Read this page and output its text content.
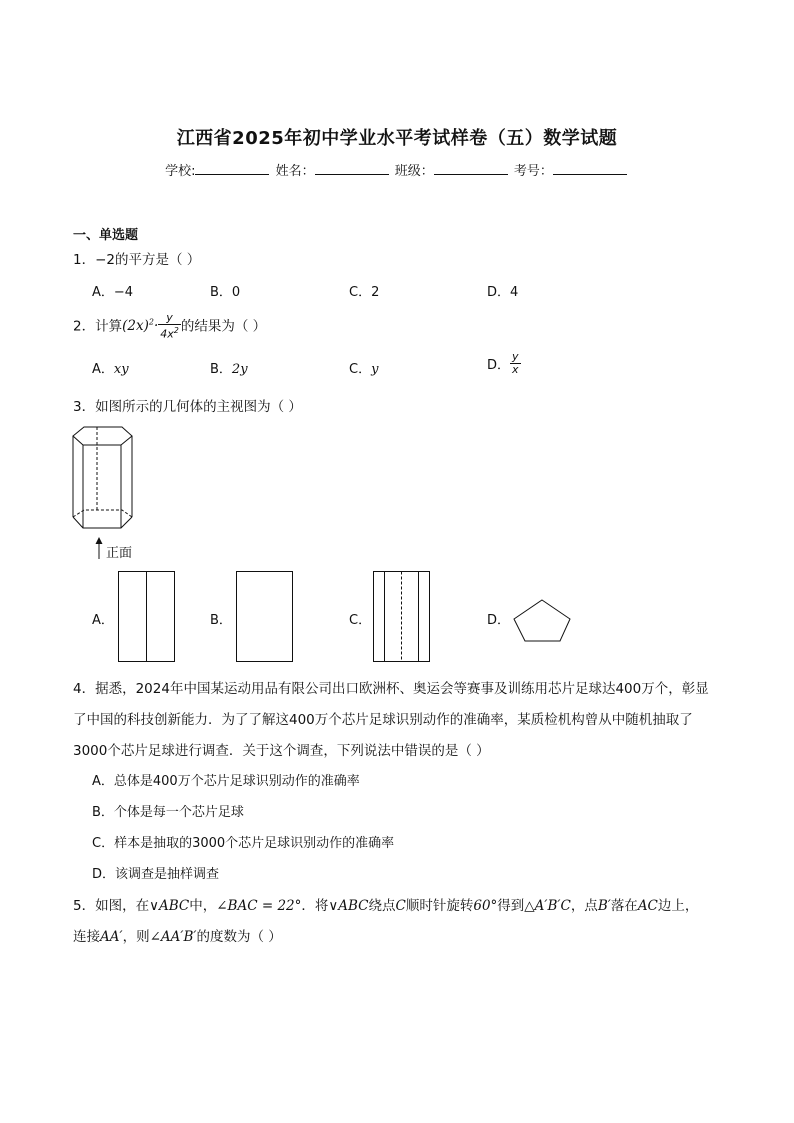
江西省2025年初中学业水平考试样卷（五）数学试题
学校:	姓名：	班级：	考号：
一、单选题
1．−2的平方是（ ）
A．−4	B．0	C．2	D．4
2．计算$(2x)^2\cdot \frac{y}{4x^2}$ 的结果为（ ）
A．xy	B．2y	C．y	D． $\frac{y}{x}$
3．如图所示的几何体的主视图为（ ）
正面
A．	B．	C．	D．
4．据悉，2024年中国某运动用品有限公司出口欧洲杯、奥运会等赛事及训练用芯片足球达400万个，彰显
了中国的科技创新能力．为了了解这400万个芯片足球识别动作的准确率，某质检机构曾从中随机抽取了
3000个芯片足球进行调查．关于这个调查，下列说法中错误的是（ ）
A．总体是400万个芯片足球识别动作的准确率
B．个体是每一个芯片足球
C．样本是抽取的3000个芯片足球识别动作的准确率
D．该调查是抽样调查
5．如图，在∨ABC中，∠BAC = 22°．将∨ABC绕点C顺时针旋转60°得到△A′B′C，点B′落在AC边上，
连接AA′，则∠AA′B′的度数为（ ）
